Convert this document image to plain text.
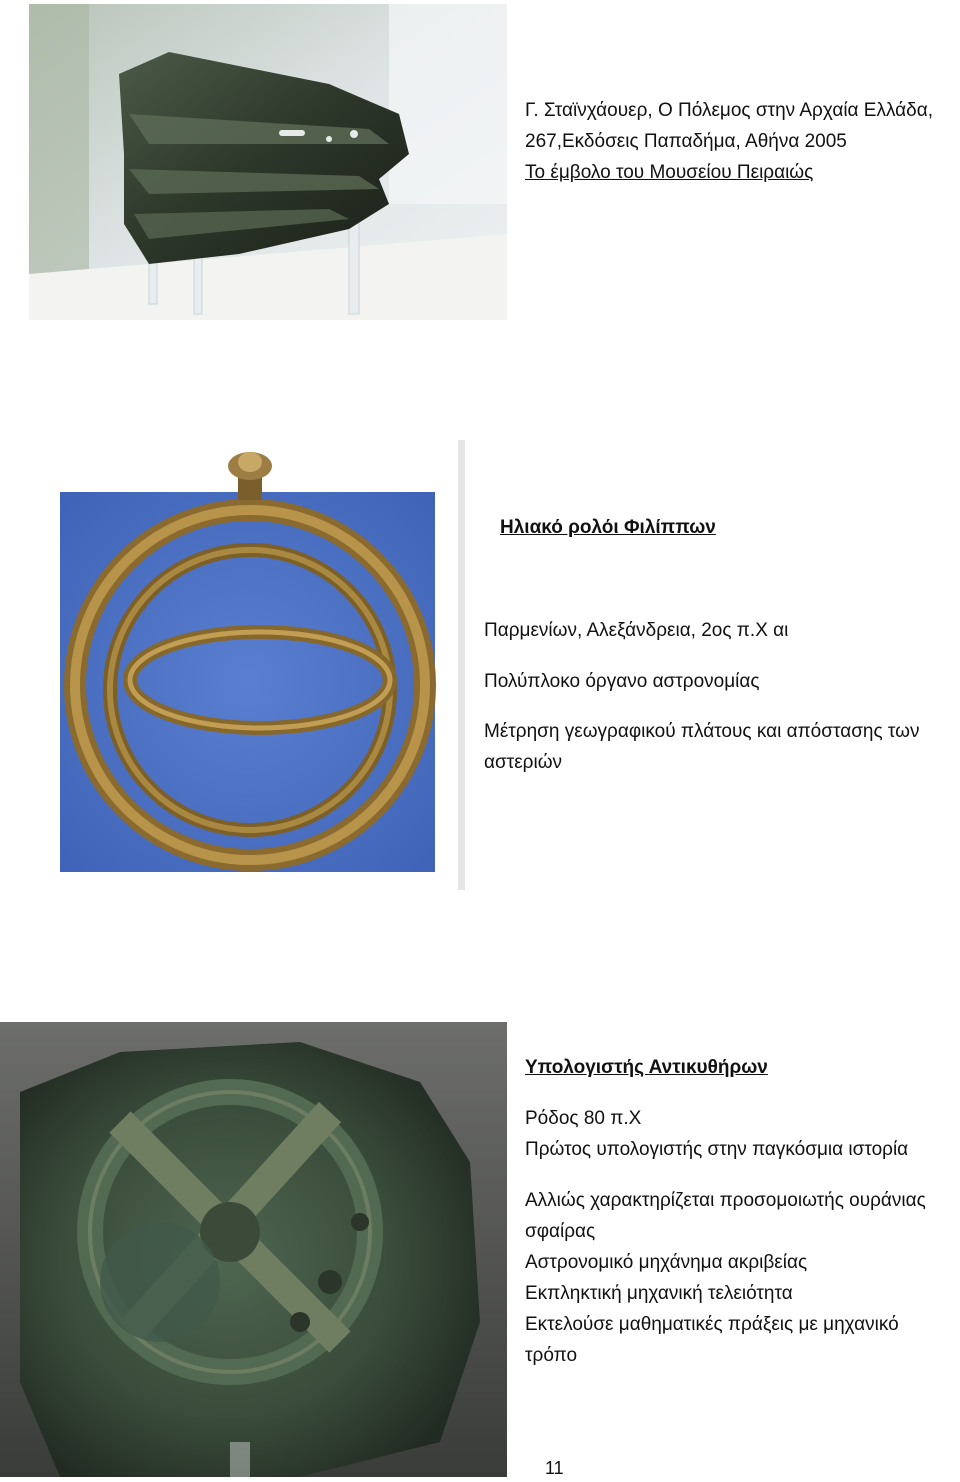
Γ. Σταϊνχάουερ, Ο Πόλεμος στην Αρχαία Ελλάδα,
267,Εκδόσεις Παπαδήμα, Αθήνα 2005
Το έμβολο του Μουσείου Πειραιώς
Ηλιακό ρολόι Φιλίππων
Παρμενίων, Αλεξάνδρεια, 2ος π.Χ αι
Πολύπλοκο όργανο αστρονομίας
Μέτρηση γεωγραφικού πλάτους και απόστασης των
αστεριών
Υπολογιστής Αντικυθήρων
Ρόδος 80 π.Χ
Πρώτος υπολογιστής στην παγκόσμια ιστορία
Αλλιώς χαρακτηρίζεται προσομοιωτής ουράνιας
σφαίρας
Αστρονομικό μηχάνημα ακριβείας
Εκπληκτική μηχανική τελειότητα
Εκτελούσε μαθηματικές πράξεις με μηχανικό
τρόπο
11
